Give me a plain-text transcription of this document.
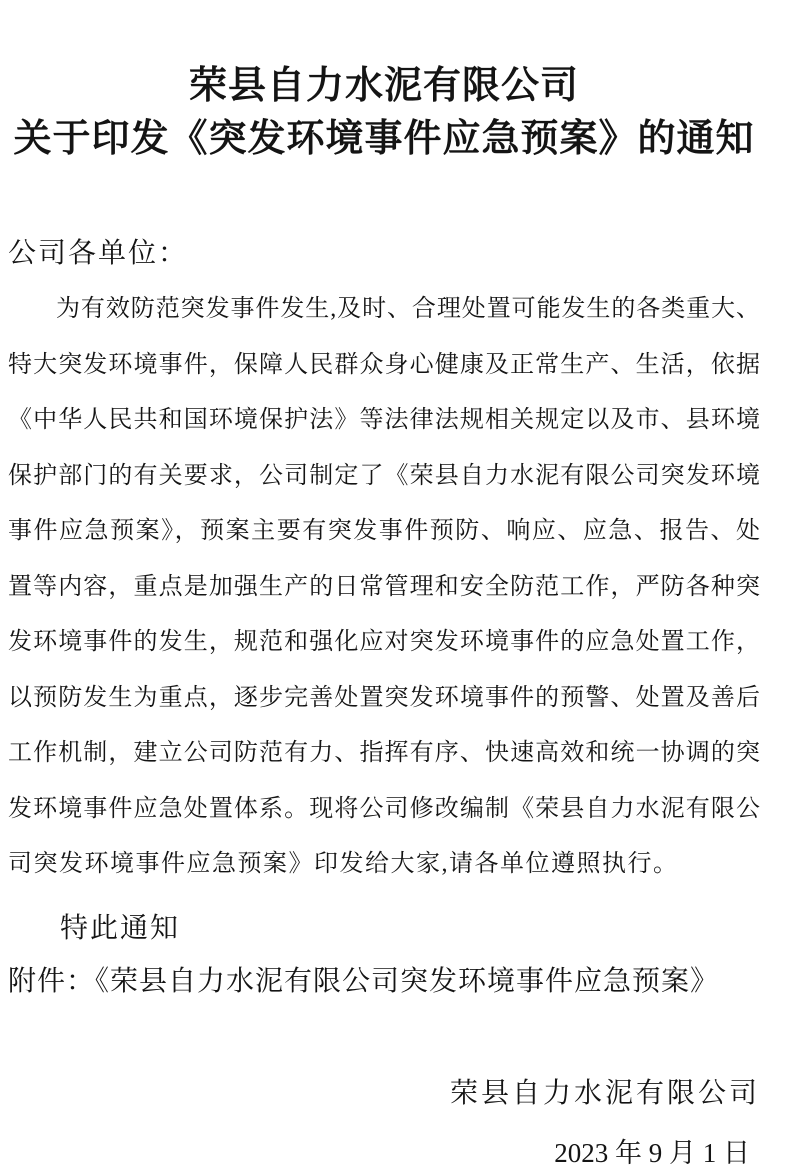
荣县自力水泥有限公司
关于印发《突发环境事件应急预案》的通知
公司各单位：
为有效防范突发事件发生,及时、合理处置可能发生的各类重大、
特大突发环境事件，保障人民群众身心健康及正常生产、生活，依据
《中华人民共和国环境保护法》等法律法规相关规定以及市、县环境
保护部门的有关要求，公司制定了《荣县自力水泥有限公司突发环境
事件应急预案》，预案主要有突发事件预防、响应、应急、报告、处
置等内容，重点是加强生产的日常管理和安全防范工作，严防各种突
发环境事件的发生，规范和强化应对突发环境事件的应急处置工作，
以预防发生为重点，逐步完善处置突发环境事件的预警、处置及善后
工作机制，建立公司防范有力、指挥有序、快速高效和统一协调的突
发环境事件应急处置体系。现将公司修改编制《荣县自力水泥有限公
司突发环境事件应急预案》印发给大家,请各单位遵照执行。
特此通知
附件：《荣县自力水泥有限公司突发环境事件应急预案》
荣县自力水泥有限公司
2023 年 9 月 1 日
